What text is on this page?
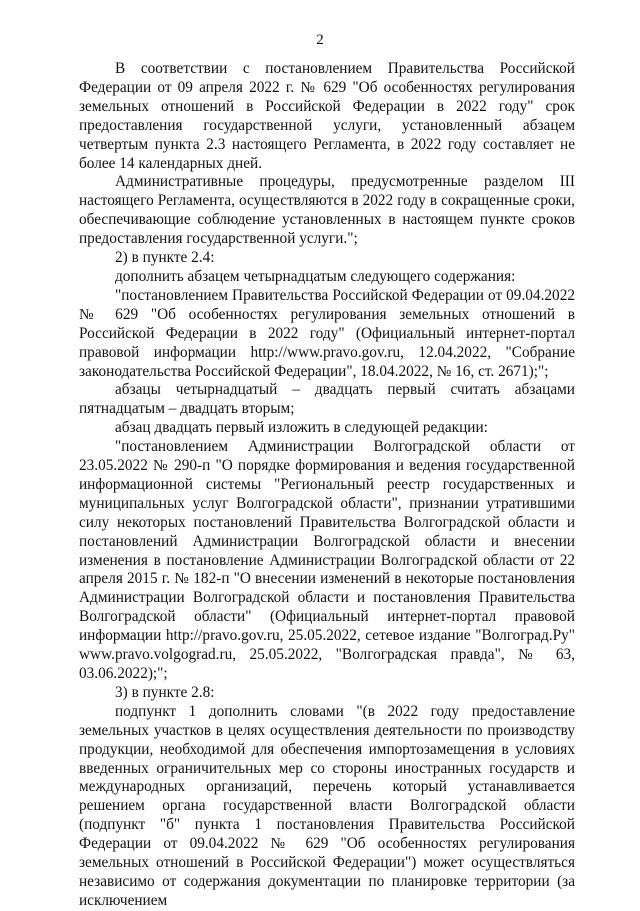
2

В соответствии с постановлением Правительства Российской Федерации от 09 апреля 2022 г. № 629 "Об особенностях регулирования земельных отношений в Российской Федерации в 2022 году" срок предоставления государственной услуги, установленный абзацем четвертым пункта 2.3 настоящего Регламента, в 2022 году составляет не более 14 календарных дней.

Административные процедуры, предусмотренные разделом III настоящего Регламента, осуществляются в 2022 году в сокращенные сроки, обеспечивающие соблюдение установленных в настоящем пункте сроков предоставления государственной услуги.";

2) в пункте 2.4:

дополнить абзацем четырнадцатым следующего содержания:

"постановлением Правительства Российской Федерации от 09.04.2022 № 629 "Об особенностях регулирования земельных отношений в Российской Федерации в 2022 году" (Официальный интернет-портал правовой информации http://www.pravo.gov.ru, 12.04.2022, "Собрание законодательства Российской Федерации", 18.04.2022, № 16, ст. 2671);";

абзацы четырнадцатый – двадцать первый считать абзацами пятнадцатым – двадцать вторым;

абзац двадцать первый изложить в следующей редакции:

"постановлением Администрации Волгоградской области от 23.05.2022 № 290-п "О порядке формирования и ведения государственной информационной системы "Региональный реестр государственных и муниципальных услуг Волгоградской области", признании утратившими силу некоторых постановлений Правительства Волгоградской области и постановлений Администрации Волгоградской области и внесении изменения в постановление Администрации Волгоградской области от 22 апреля 2015 г. № 182-п "О внесении изменений в некоторые постановления Администрации Волгоградской области и постановления Правительства Волгоградской области" (Официальный интернет-портал правовой информации http://pravo.gov.ru, 25.05.2022, сетевое издание "Волгоград.Ру" www.pravo.volgograd.ru, 25.05.2022, "Волгоградская правда", № 63, 03.06.2022);";

3) в пункте 2.8:

подпункт 1 дополнить словами "(в 2022 году предоставление земельных участков в целях осуществления деятельности по производству продукции, необходимой для обеспечения импортозамещения в условиях введенных ограничительных мер со стороны иностранных государств и международных организаций, перечень который устанавливается решением органа государственной власти Волгоградской области (подпункт "б" пункта 1 постановления Правительства Российской Федерации от 09.04.2022 № 629 "Об особенностях регулирования земельных отношений в Российской Федерации") может осуществляться независимо от содержания документации по планировке территории (за исключением
